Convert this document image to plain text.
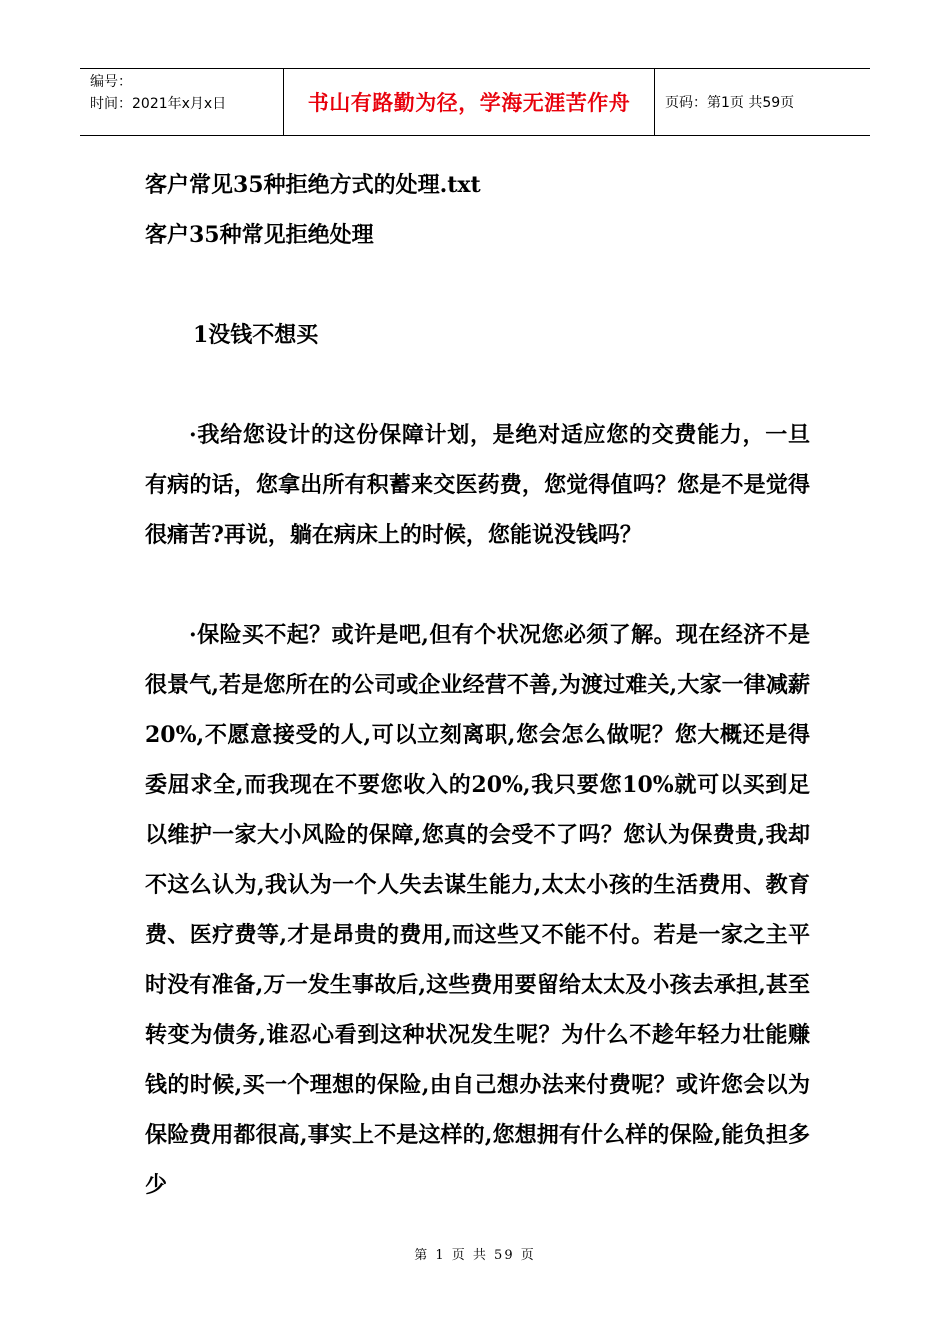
编号：
时间：2021年x月x日	书山有路勤为径，学海无涯苦作舟 页码：第1页 共59页
客户常见35种拒绝方式的处理.txt
客户35种常见拒绝处理
1没钱不想买

·我给您设计的这份保障计划，是绝对适应您的交费能力，一旦有病的话，您拿出所有积蓄来交医药费，您觉得值吗？您是不是觉得很痛苦?再说，躺在病床上的时候，您能说没钱吗？

·保险买不起？或许是吧,但有个状况您必须了解。现在经济不是很景气,若是您所在的公司或企业经营不善,为渡过难关,大家一律减薪20%,不愿意接受的人,可以立刻离职,您会怎么做呢？您大概还是得委屈求全,而我现在不要您收入的20%,我只要您10%就可以买到足以维护一家大小风险的保障,您真的会受不了吗？您认为保费贵,我却不这么认为,我认为一个人失去谋生能力,太太小孩的生活费用、教育费、医疗费等,才是昂贵的费用,而这些又不能不付。若是一家之主平时没有准备,万一发生事故后,这些费用要留给太太及小孩去承担,甚至转变为债务,谁忍心看到这种状况发生呢？为什么不趁年轻力壮能赚钱的时候,买一个理想的保险,由自己想办法来付费呢？或许您会以为保险费用都很高,事实上不是这样的,您想拥有什么样的保险,能负担多少

第 1 页 共 59 页
